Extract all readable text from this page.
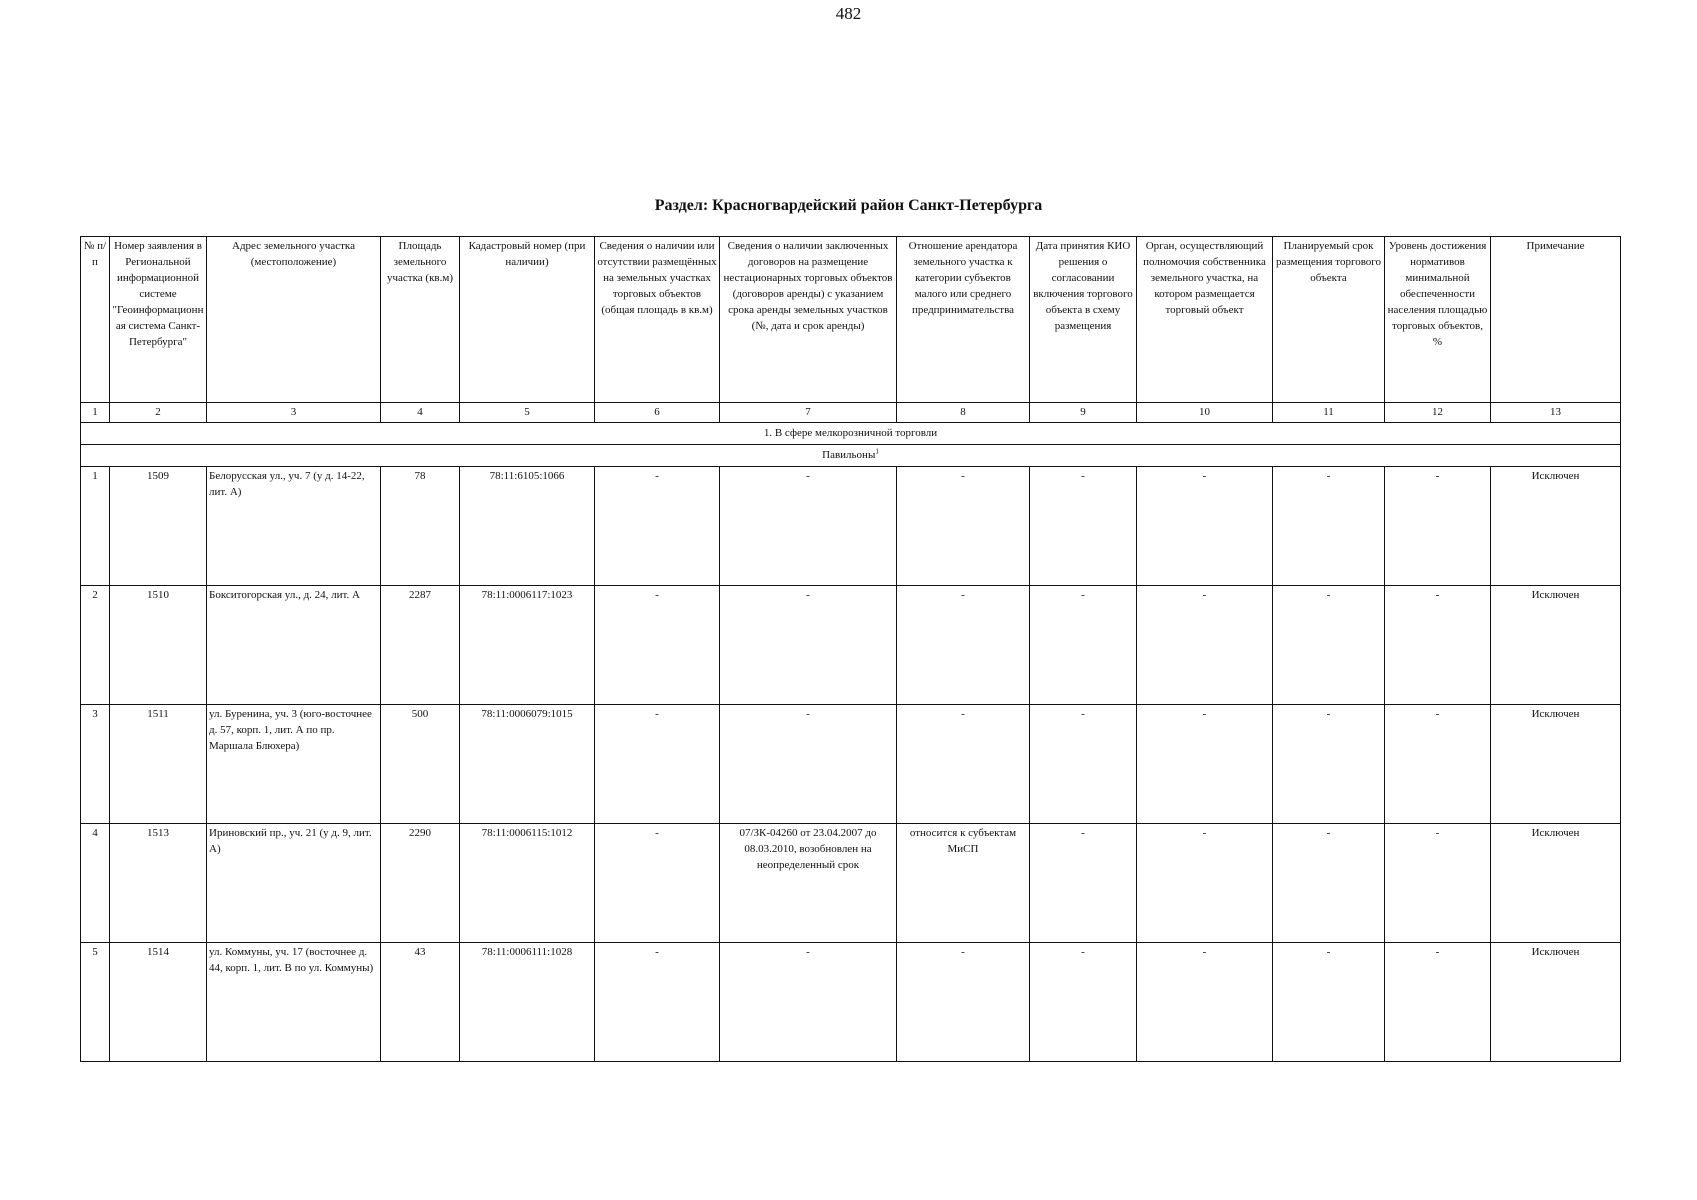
482
Раздел: Красногвардейский район Санкт-Петербурга
№ п/п	Номер заявления в Региональной информационной системе "Геоинформационная система Санкт-Петербурга"	Адрес земельного участка (местоположение)	Площадь земельного участка (кв.м)	Кадастровый номер (при наличии)	Сведения о наличии или отсутствии размещённых на земельных участках торговых объектов (общая площадь в кв.м)	Сведения о наличии заключенных договоров на размещение нестационарных торговых объектов (договоров аренды) с указанием срока аренды земельных участков (№, дата и срок аренды)	Отношение арендатора земельного участка к категории субъектов малого или среднего предпринимательства	Дата принятия КИО решения о согласовании включения торгового объекта в схему размещения	Орган, осуществляющий полномочия собственника земельного участка, на котором размещается торговый объект	Планируемый срок размещения торгового объекта	Уровень достижения нормативов минимальной обеспеченности населения площадью торговых объектов, %	Примечание
1	2	3	4	5	6	7	8	9	10	11	12	13
1. В сфере мелкорозничной торговли												
Павильоны$^1$
1	1509	Белорусская ул., уч. 7 (у д. 14-22, лит. А)	78	78:11:6105:1066	-	-	-	-	-	-	-	Исключен
2	1510	Бокситогорская ул., д. 24, лит. А	2287	78:11:0006117:1023	-	-	-	-	-	-	-	Исключен
3	1511	ул. Буренина, уч. 3 (юго-восточнее д. 57, корп. 1, лит. А по пр. Маршала Блюхера)	500	78:11:0006079:1015	-	-	-	-	-	-	-	Исключен
4	1513	Ириновский пр., уч. 21 (у д. 9, лит. А)	2290	78:11:0006115:1012	-	07/ЗК-04260 от 23.04.2007 до 08.03.2010, возобновлен на неопределенный срок	относится к субъектам МиСП	-	-	-	-	Исключен
5	1514	ул. Коммуны, уч. 17 (восточнее д. 44, корп. 1, лит. В по ул. Коммуны)	43	78:11:0006111:1028	-	-	-	-	-	-	-	Исключен
